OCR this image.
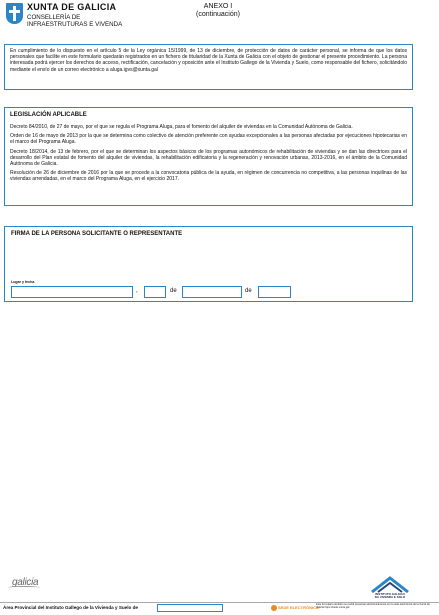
XUNTA DE GALICIA
CONSELLERÍA DE
INFRAESTRUTURAS E VIVENDA
ANEXO I
(continuación)
En cumplimiento de lo dispuesto en el artículo 5 de la Ley orgánica 15/1999, de 13 de diciembre, de protección de datos de carácter personal, se informa de que los datos personales que facilite en este formulario quedarán registrados en un fichero de titularidad de la Xunta de Galicia con el objeto de gestionar el presente procedimiento. La persona interesada podrá ejercer los derechos de acceso, rectificación, cancelación y oposición ante el Instituto Gallego de la Vivienda y Suelo, como responsable del fichero, solicitándolo mediante el envío de un correo electrónico a aluga.igvs@xunta.gal
LEGISLACIÓN APLICABLE
Decreto 84/2010, de 27 de mayo, por el que se regula el Programa Aluga, para el fomento del alquiler de viviendas en la Comunidad Autónoma de Galicia.
Orden de 16 de mayo de 2013 por la que se determina como colectivo de atención preferente con ayudas excepcionales a las personas afectadas por ejecuciones hipotecarias en el marco del Programa Aluga.
Decreto 18/2014, de 13 de febrero, por el que se determinan los aspectos básicos de los programas autonómicos de rehabilitación de viviendas y se dan las directrices para el desarrollo del Plan estatal de fomento del alquiler de viviendas, la rehabilitación edificatoria y la regeneración y renovación urbanas, 2013-2016, en el ámbito de la Comunidad Autónoma de Galicia.
Resolución de 26 de diciembre de 2016 por la que se procede a la convocatoria pública de la ayuda, en régimen de concurrencia no competitiva, a las personas inquilinas de las viviendas arrendadas, en el marco del Programa Aluga, en el ejercicio 2017.
FIRMA DE LA PERSONA SOLICITANTE O REPRESENTANTE
Lugar y fecha
,	de	de
galicia
INSTITUTO GALEGO
DA VIVENDA E SOLO
Área Provincial del Instituto Gallego de la Vivienda y Suelo de	SEDE ELECTRÓNICA
Este formulario también se podrá presentar electrónicamente en la sede electrónica de la Xunta de Galicia https://sede.xunta.gal
